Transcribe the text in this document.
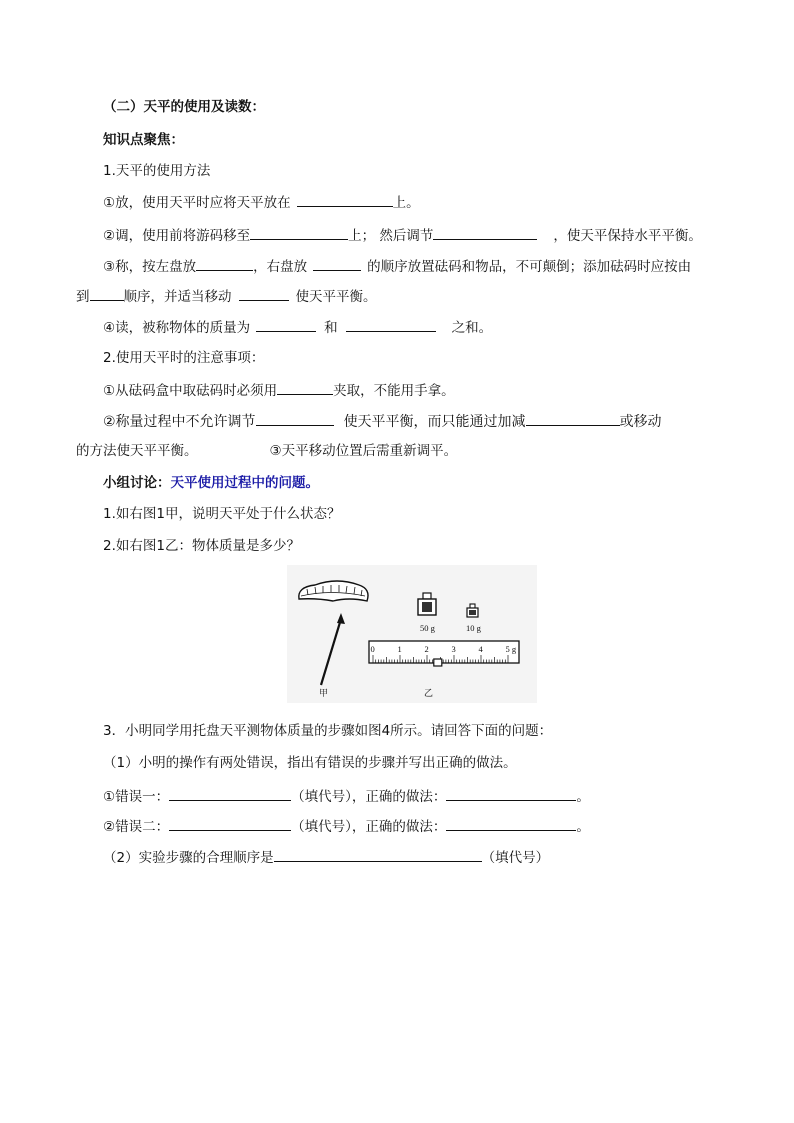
（二）天平的使用及读数：
知识点聚焦：
1.天平的使用方法
①放，使用天平时应将天平放在	上。
②调，使用前将游码移至	上； 然后调节	，使天平保持水平平衡。
③称，按左盘放	，右盘放	的顺序放置砝码和物品，不可颠倒；添加砝码时应按由
到	顺序，并适当移动	使天平平衡。
④读，被称物体的质量为	和	之和。
2.使用天平时的注意事项：
①从砝码盒中取砝码时必须用	夹取，不能用手拿。
②称量过程中不允许调节	使天平平衡，而只能通过加减	或移动
的方法使天平平衡。	③天平移动位置后需重新调平。
小组讨论：天平使用过程中的问题。
1.如右图1甲，说明天平处于什么状态？
2.如右图1乙：物体质量是多少？
甲
50 g	10 g
0	1	2	3	4	5 g
乙
3．小明同学用托盘天平测物体质量的步骤如图4所示。请回答下面的问题：
（1）小明的操作有两处错误，指出有错误的步骤并写出正确的做法。
①错误一：	（填代号），正确的做法：	。
②错误二：	（填代号），正确的做法：	。
（2）实验步骤的合理顺序是	（填代号）
